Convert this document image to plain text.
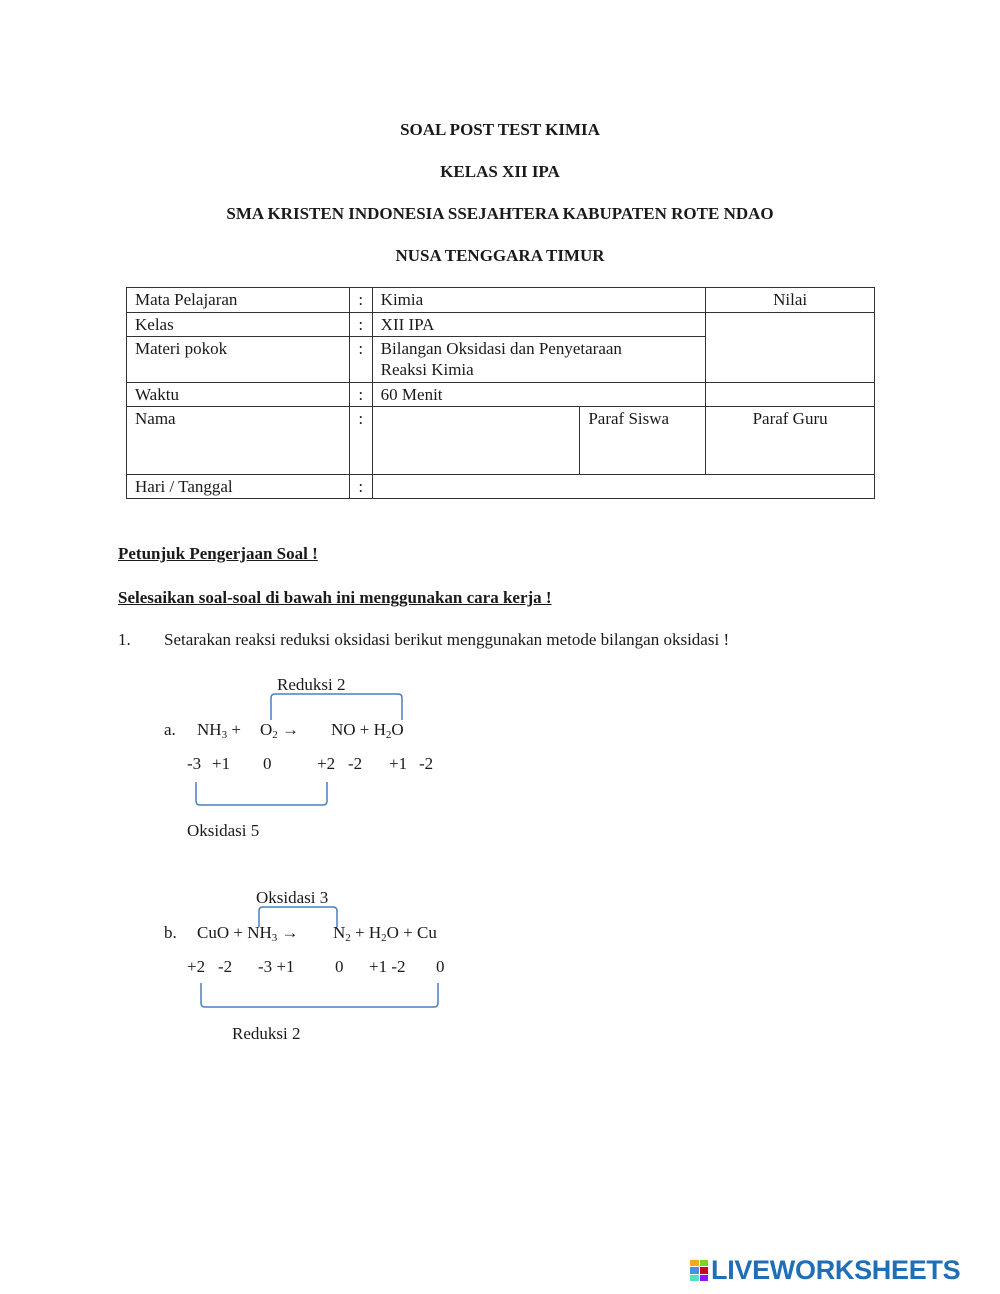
SOAL POST TEST KIMIA
KELAS XII IPA
SMA KRISTEN INDONESIA SSEJAHTERA KABUPATEN ROTE NDAO
NUSA TENGGARA TIMUR
Mata Pelajaran	:	Kimia		Nilai
Kelas	:	XII IPA		
Materi pokok	:	Bilangan Oksidasi dan Penyetaraan
Reaksi Kimia		

Waktu	:	60 Menit		
Nama	:		Paraf Siswa	Paraf Guru
Hari / Tanggal	:			
Petunjuk Pengerjaan Soal !
Selesaikan soal-soal di bawah ini menggunakan cara kerja !
1. Setarakan reaksi reduksi oksidasi berikut menggunakan metode bilangan oksidasi !
Reduksi 2
a. $NH_3 + O_2$ → NO + $H_2O$
-3 +1 0	+2 -2 +1 -2
Oksidasi 5
Oksidasi 3
b. CuO + $NH_3 \to N_2 + H_2O + Cu$
+2 -2 -3 +1 0 +1 -2 0
Reduksi 2
LIVEWORKSHEETS
